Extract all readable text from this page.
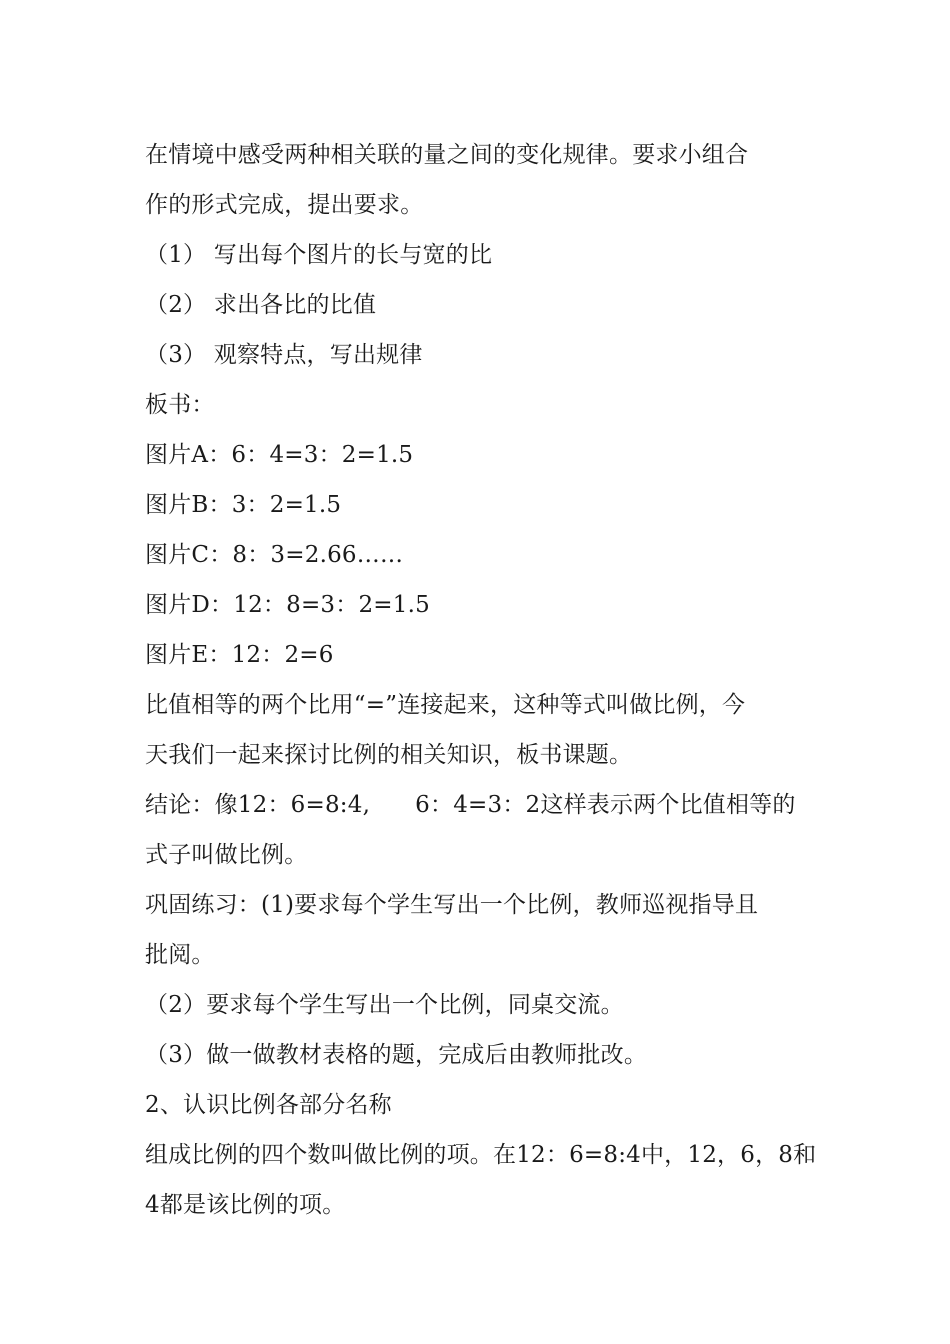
在情境中感受两种相关联的量之间的变化规律。要求小组合
作的形式完成，提出要求。
（1） 写出每个图片的长与宽的比
（2） 求出各比的比值
（3） 观察特点，写出规律
板书：
图片A：6：4=3：2=1.5
图片B：3：2=1.5
图片C：8：3=2.66……
图片D：12：8=3：2=1.5
图片E：12：2=6
比值相等的两个比用“=”连接起来，这种等式叫做比例，今
天我们一起来探讨比例的相关知识，板书课题。
结论：像12：6=8:4,      6：4=3：2这样表示两个比值相等的
式子叫做比例。
巩固练习：(1)要求每个学生写出一个比例，教师巡视指导且
批阅。
（2）要求每个学生写出一个比例，同桌交流。
（3）做一做教材表格的题，完成后由教师批改。
2、认识比例各部分名称
组成比例的四个数叫做比例的项。在12：6=8:4中，12，6，8和
4都是该比例的项。
